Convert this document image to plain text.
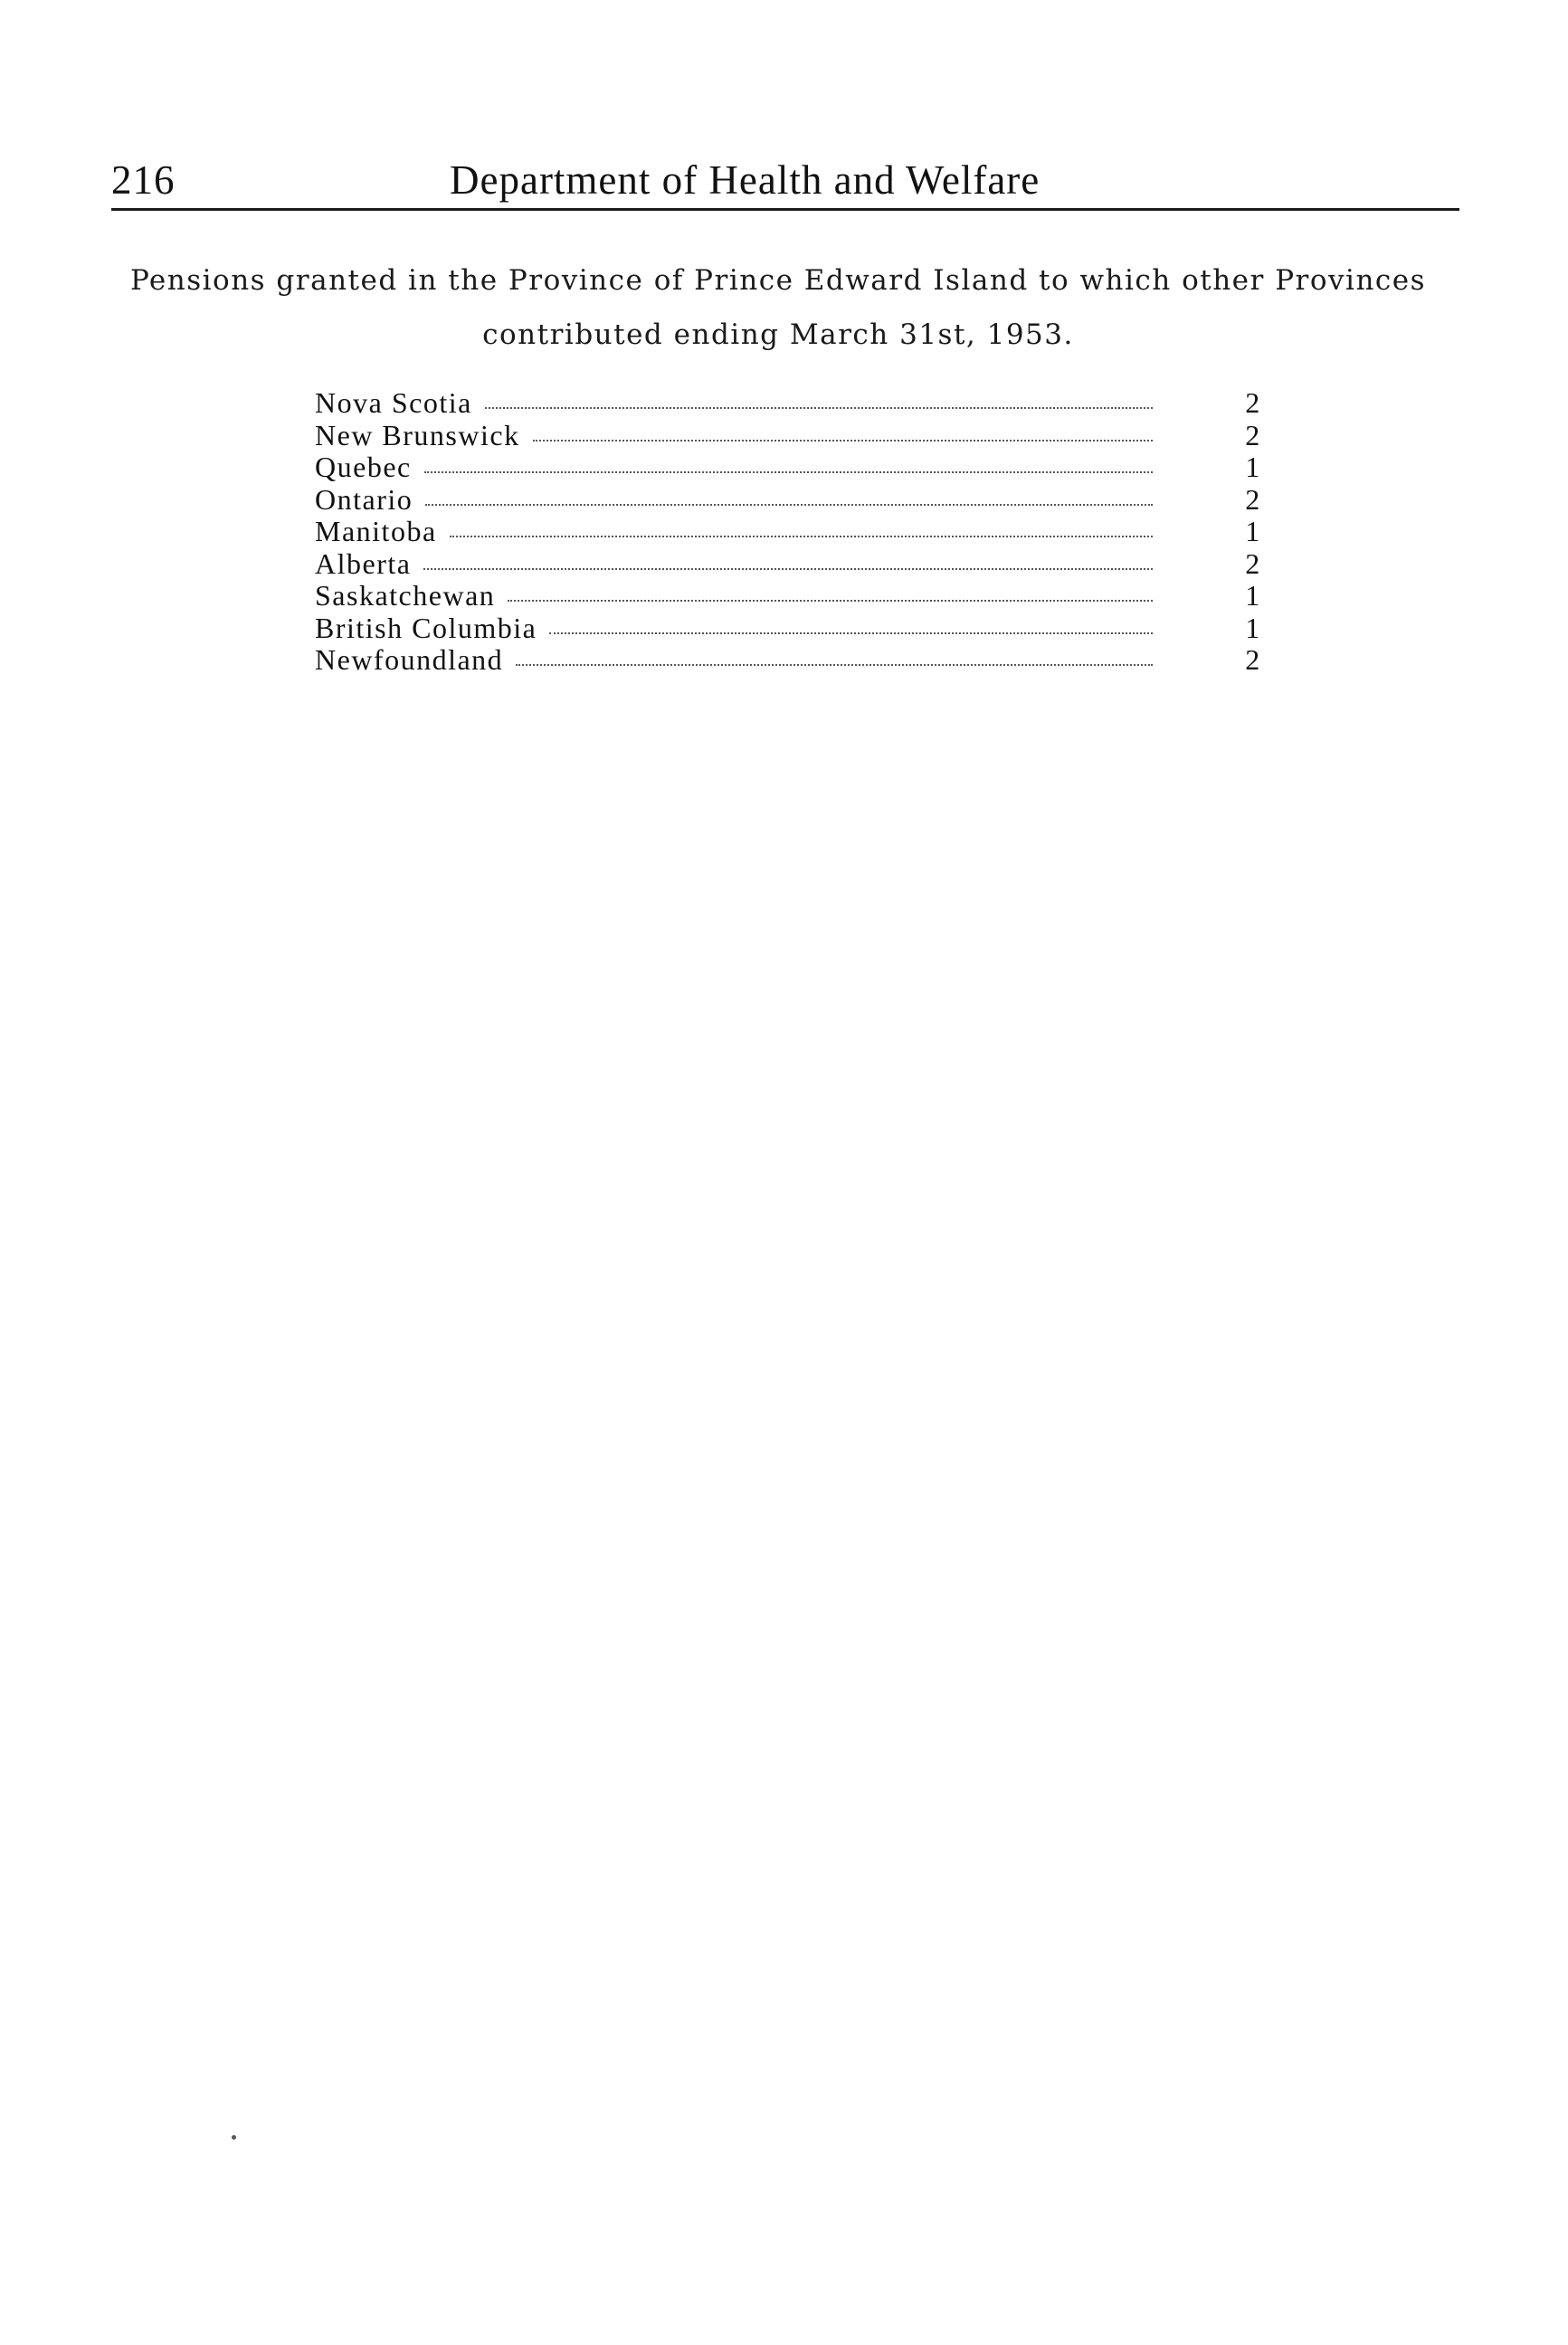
216	Department of Health and Welfare
Pensions granted in the Province of Prince Edward Island to which other Provinces
contributed ending March 31st, 1953.
Nova Scotia	2
New Brunswick	2
Quebec	1
Ontario	2
Manitoba	1
Alberta	2
Saskatchewan	1
British Columbia	1
Newfoundland	2
